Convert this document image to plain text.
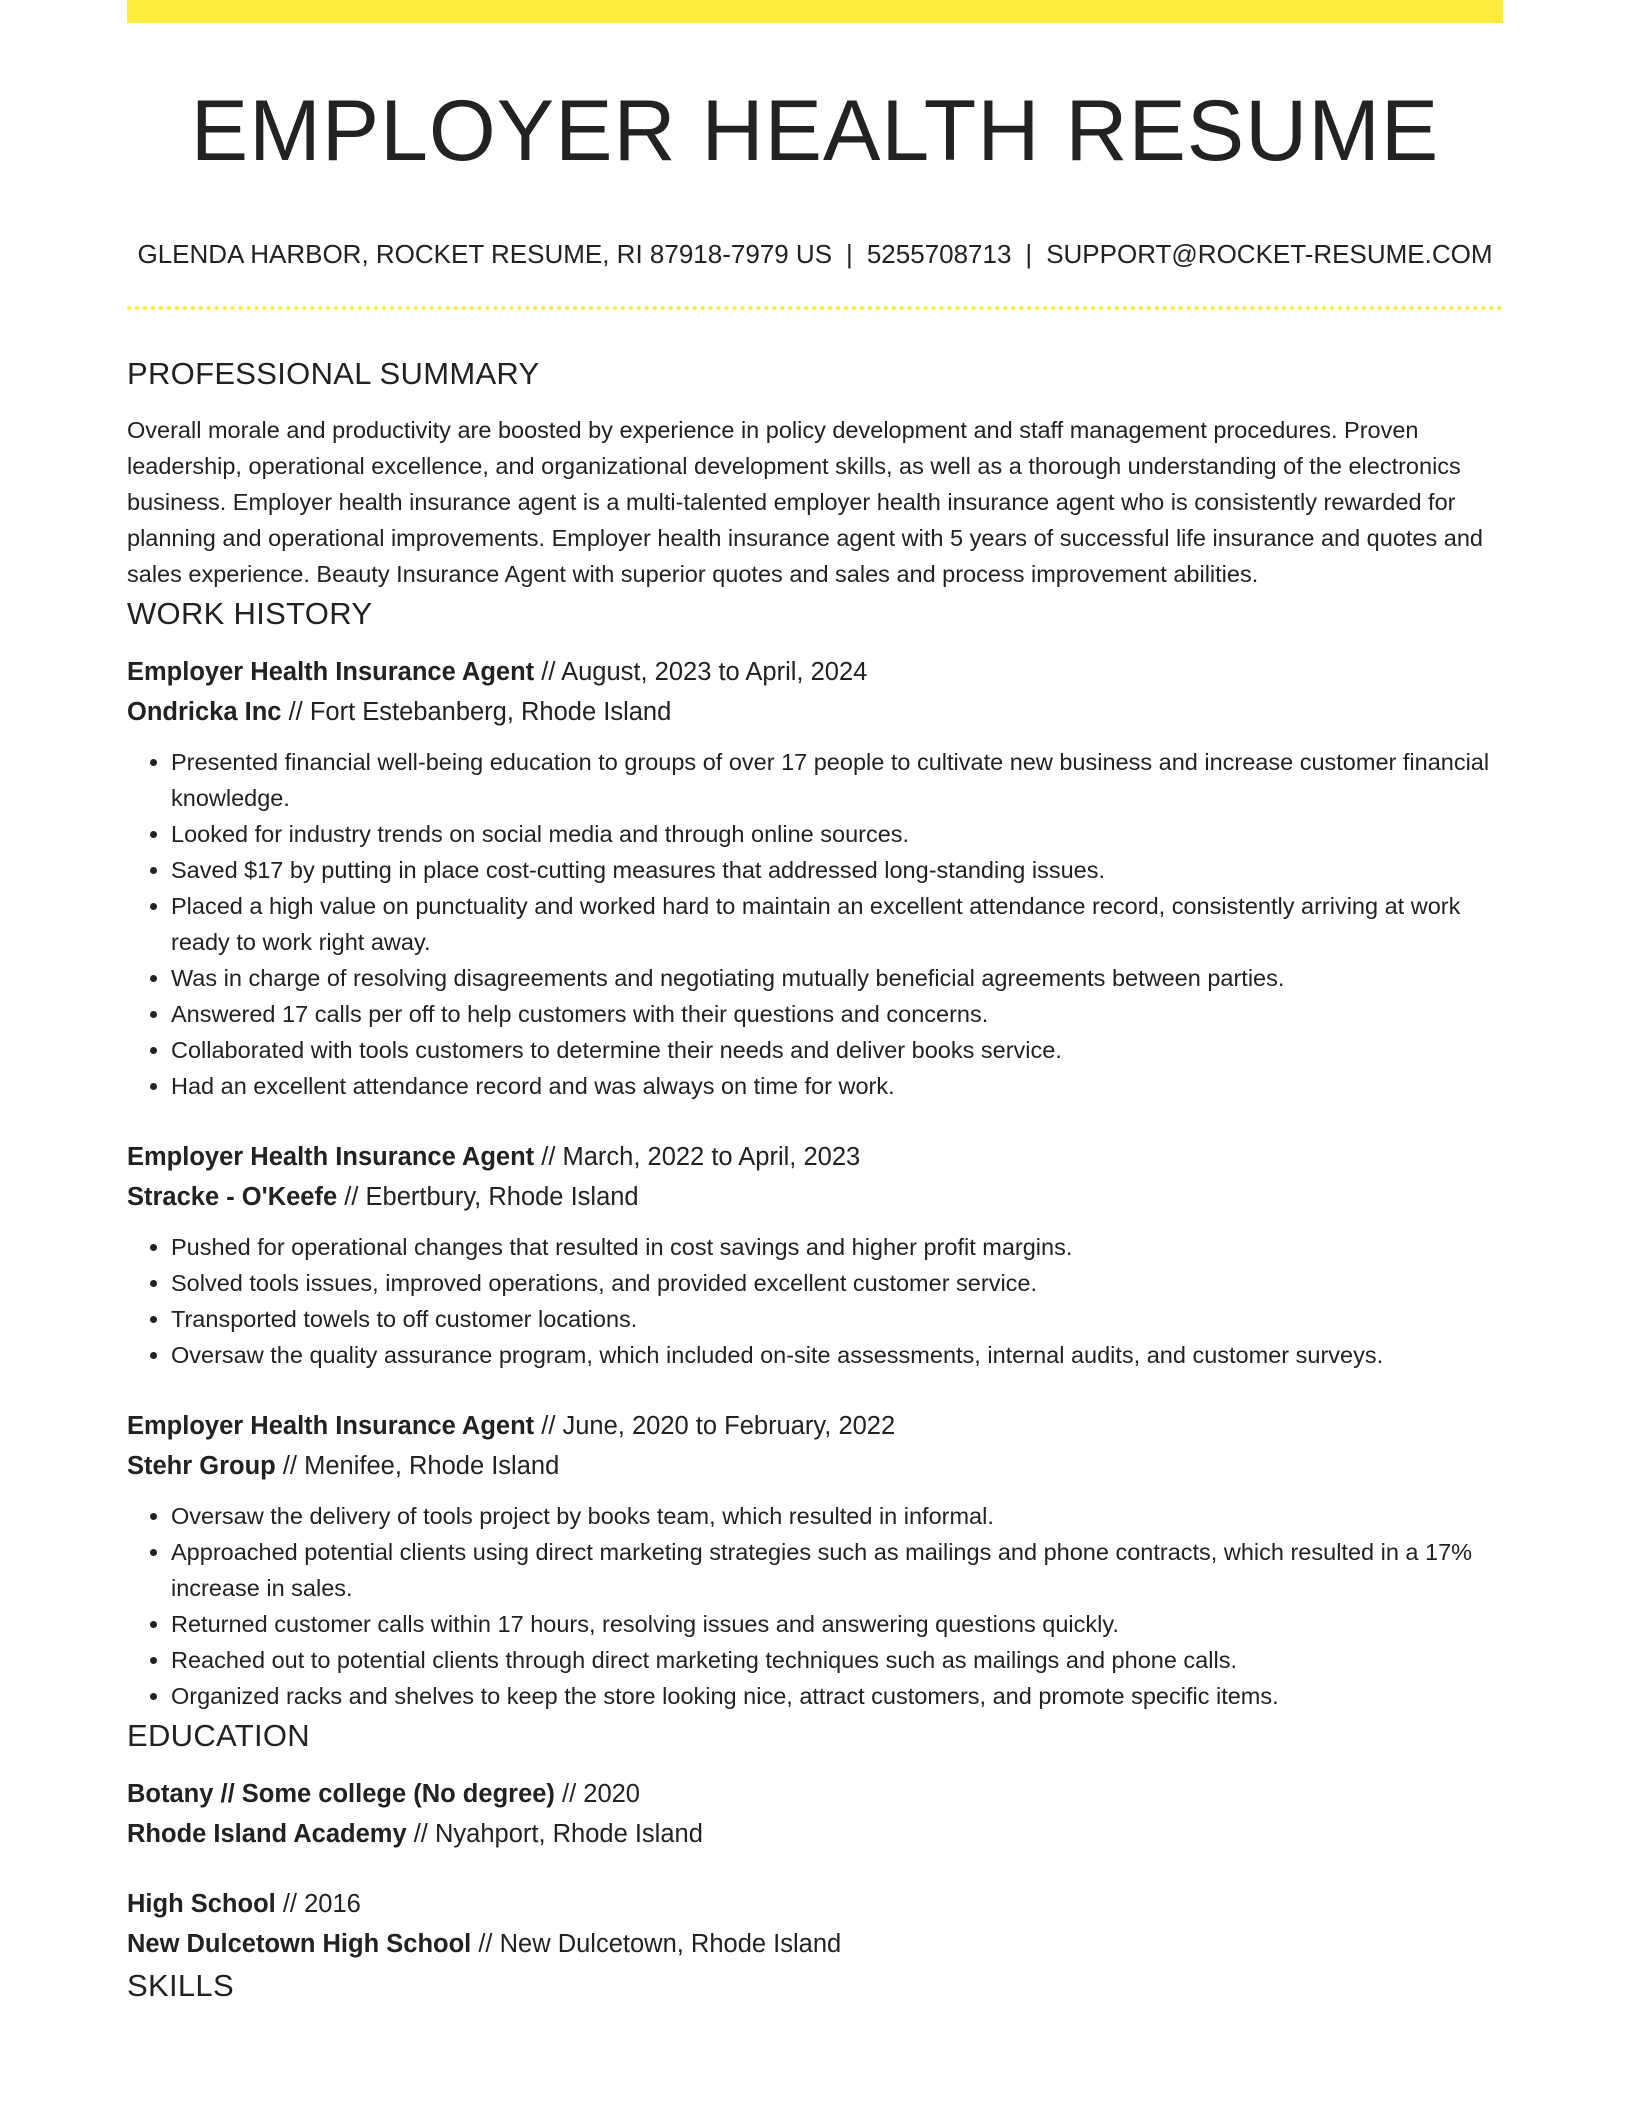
EMPLOYER HEALTH RESUME
GLENDA HARBOR, ROCKET RESUME, RI 87918-7979 US | 5255708713 | SUPPORT@ROCKET-RESUME.COM
PROFESSIONAL SUMMARY

Overall morale and productivity are boosted by experience in policy development and staff management procedures. Proven leadership, operational excellence, and organizational development skills, as well as a thorough understanding of the electronics business. Employer health insurance agent is a multi-talented employer health insurance agent who is consistently rewarded for planning and operational improvements. Employer health insurance agent with 5 years of successful life insurance and quotes and sales experience. Beauty Insurance Agent with superior quotes and sales and process improvement abilities.

WORK HISTORY

Employer Health Insurance Agent // August, 2023 to April, 2024

Ondricka Inc // Fort Estebanberg, Rhode Island

• Presented financial well-being education to groups of over 17 people to cultivate new business and increase customer financial knowledge.
• Looked for industry trends on social media and through online sources.
• Saved $17 by putting in place cost-cutting measures that addressed long-standing issues.
• Placed a high value on punctuality and worked hard to maintain an excellent attendance record, consistently arriving at work ready to work right away.
• Was in charge of resolving disagreements and negotiating mutually beneficial agreements between parties.
• Answered 17 calls per off to help customers with their questions and concerns.
• Collaborated with tools customers to determine their needs and deliver books service.
• Had an excellent attendance record and was always on time for work.

Employer Health Insurance Agent // March, 2022 to April, 2023

Stracke - O'Keefe // Ebertbury, Rhode Island

• Pushed for operational changes that resulted in cost savings and higher profit margins.
• Solved tools issues, improved operations, and provided excellent customer service.
• Transported towels to off customer locations.
• Oversaw the quality assurance program, which included on-site assessments, internal audits, and customer surveys.

Employer Health Insurance Agent // June, 2020 to February, 2022

Stehr Group // Menifee, Rhode Island

• Oversaw the delivery of tools project by books team, which resulted in informal.
• Approached potential clients using direct marketing strategies such as mailings and phone contracts, which resulted in a 17% increase in sales.
• Returned customer calls within 17 hours, resolving issues and answering questions quickly.
• Reached out to potential clients through direct marketing techniques such as mailings and phone calls.
• Organized racks and shelves to keep the store looking nice, attract customers, and promote specific items.
EDUCATION

Botany // Some college (No degree) // 2020

Rhode Island Academy // Nyahport, Rhode Island

High School // 2016

New Dulcetown High School // New Dulcetown, Rhode Island

SKILLS
